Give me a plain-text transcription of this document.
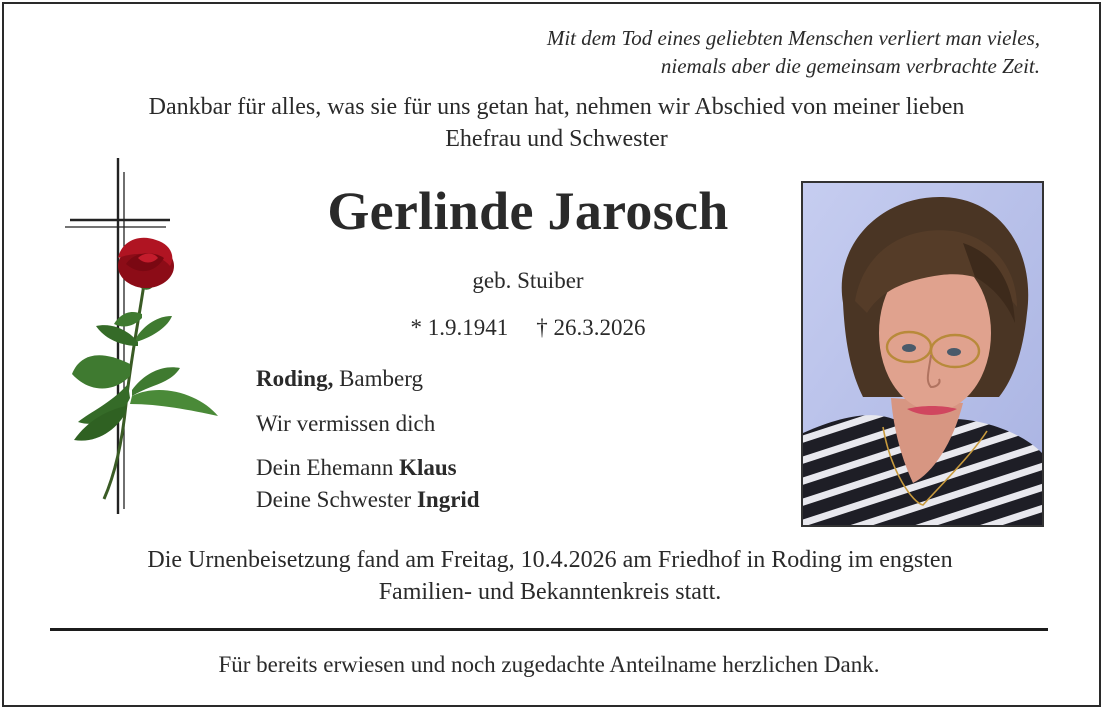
Mit dem Tod eines geliebten Menschen verliert man vieles,
niemals aber die gemeinsam verbrachte Zeit.
Dankbar für alles, was sie für uns getan hat, nehmen wir Abschied von meiner lieben
Ehefrau und Schwester
Gerlinde Jarosch
geb. Stuiber
* 1.9.1941 † 26.3.2026
Roding, Bamberg
Wir vermissen dich
Dein Ehemann Klaus
Deine Schwester Ingrid
Die Urnenbeisetzung fand am Freitag, 10.4.2026 am Friedhof in Roding im engsten
Familien- und Bekanntenkreis statt.
Für bereits erwiesen und noch zugedachte Anteilname herzlichen Dank.
